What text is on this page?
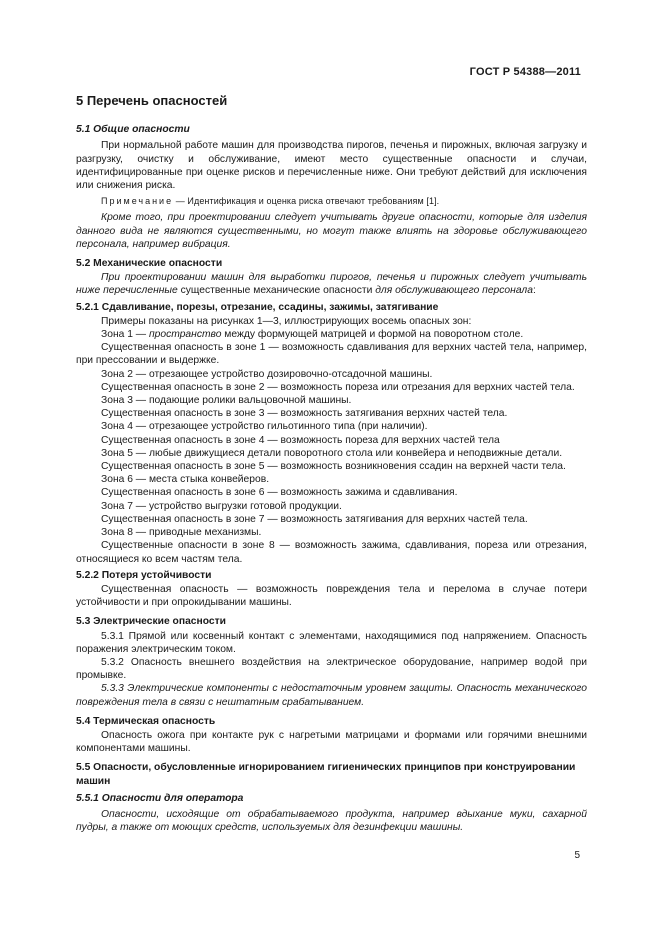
ГОСТ Р 54388—2011
5 Перечень опасностей
5.1 Общие опасности

При нормальной работе машин для производства пирогов, печенья и пирожных, включая загрузку и разгрузку, очистку и обслуживание, имеют место существенные опасности и случаи, идентифицированные при оценке рисков и перечисленные ниже. Они требуют действий для исключения или снижения риска.

Примечание — Идентификация и оценка риска отвечают требованиям [1].

Кроме того, при проектировании следует учитывать другие опасности, которые для изделия данного вида не являются существенными, но могут также влиять на здоровье обслуживающего персонала, например вибрация.

5.2 Механические опасности

При проектировании машин для выработки пирогов, печенья и пирожных следует учитывать ниже перечисленные существенные механические опасности для обслуживающего персонала:

5.2.1 Сдавливание, порезы, отрезание, ссадины, зажимы, затягивание

Примеры показаны на рисунках 1—3, иллюстрирующих восемь опасных зон:

Зона 1 — пространство между формующей матрицей и формой на поворотном столе.

Существенная опасность в зоне 1 — возможность сдавливания для верхних частей тела, например, при прессовании и выдержке.

Зона 2 — отрезающее устройство дозировочно-отсадочной машины.

Существенная опасность в зоне 2 — возможность пореза или отрезания для верхних частей тела.

Зона 3 — подающие ролики вальцовочной машины.

Существенная опасность в зоне 3 — возможность затягивания верхних частей тела.

Зона 4 — отрезающее устройство гильотинного типа (при наличии).

Существенная опасность в зоне 4 — возможность пореза для верхних частей тела

Зона 5 — любые движущиеся детали поворотного стола или конвейера и неподвижные детали.

Существенная опасность в зоне 5 — возможность возникновения ссадин на верхней части тела.

Зона 6 — места стыка конвейеров.

Существенная опасность в зоне 6 — возможность зажима и сдавливания.

Зона 7 — устройство выгрузки готовой продукции.

Существенная опасность в зоне 7 — возможность затягивания для верхних частей тела.

Зона 8 — приводные механизмы.

Существенные опасности в зоне 8 — возможность зажима, сдавливания, пореза или отрезания, относящиеся ко всем частям тела.

5.2.2 Потеря устойчивости

Существенная опасность — возможность повреждения тела и перелома в случае потери устойчивости и при опрокидывании машины.

5.3 Электрические опасности

5.3.1 Прямой или косвенный контакт с элементами, находящимися под напряжением. Опасность поражения электрическим током.

5.3.2 Опасность внешнего воздействия на электрическое оборудование, например водой при промывке.

5.3.3 Электрические компоненты с недостаточным уровнем защиты. Опасность механического повреждения тела в связи с нештатным срабатыванием.

5.4 Термическая опасность

Опасность ожога при контакте рук с нагретыми матрицами и формами или горячими внешними компонентами машины.

5.5 Опасности, обусловленные игнорированием гигиенических принципов при конструировании машин
5.5.1 Опасности для оператора

Опасности, исходящие от обрабатываемого продукта, например вдыхание муки, сахарной пудры, а также от моющих средств, используемых для дезинфекции машины.

5
